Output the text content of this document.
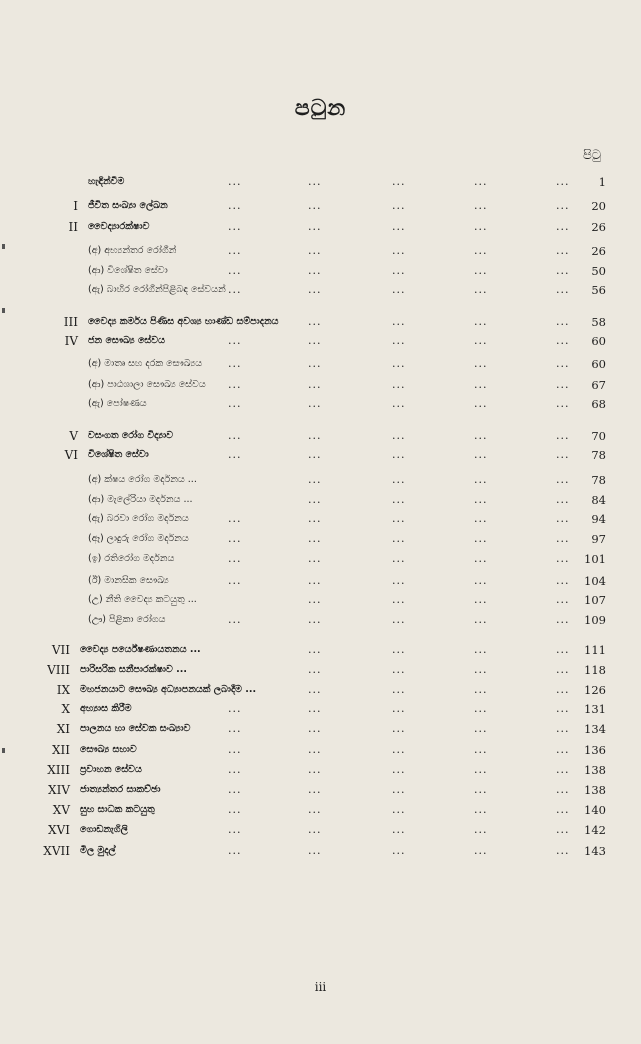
පටුන
පිටු
හැඳින්වීම	...	...	...	...	...	1
I ජීවිත සංඛ්‍යා ලේඛන	...	...	...	...	...	20
II වෛද්‍යාරක්ෂාව	...	...	...	...	...	26
(අ) අභ්‍යන්තර රෝගීන්	...	...	...	...	...	26
(ආ) විශේෂිත සේවා	...	...	...	...	...	50
(ඇ) බාහිර රෝගීන්පිළිබඳ සේවයන් ...	...	...	...	...	56
III වෛද්‍ය කර්මය පිණිස අවශ්‍ය භාණ්ඩ සම්පාදනය	...	...	...	...	58
IV ජන සෞඛ්‍ය සේවය	...	...	...	...	...	60
(අ) මාතෘ සහ දරක සෞඛ්‍යය ...	...	...	...	...	60
(ආ) පාඨශාලා සෞඛ්‍ය සේවය ...	...	...	...	...	67
(ඇ) පෝෂණය	...	...	...	...	...	68
V වසංගත රෝග විද්‍යාව	...	...	...	...	...	70
VI විශේෂිත සේවා	...	...	...	...	...	78
(අ) ක්ෂය රෝග මර්දනය ...	...	...	...	...	78
(ආ) මැලේරියා මර්දනය ...	...	...	...	...	84
(ඇ) බරවා රෝග මර්දනය	...	...	...	...	...	94
(ඈ) ලාදුරු රෝග මර්දනය	...	...	...	...	...	97
(ඉ) රතිරෝග මර්දනය	...	...	...	...	...	101
(ඊ) මානසික සෞඛ්‍ය	...	...	...	...	...	104
(උ) නීති වෛද්‍ය කටයුතු ...	...	...	...	...	107
(ඌ) පිළිකා රෝගය	...	...	...	...	...	109
VII වෛද්‍ය පර්යේෂණායතනය ...	...	...	...	...	111
VIII පාරිසරික සනීපාරක්ෂාව ...	...	...	...	...	118
IX මහජනයාට සෞඛ්‍ය අධ්‍යාපනයක් ලබාදීම ...	...	...	...	...	126
X අභ්‍යාස කිරීම	...	...	...	...	...	131
XI පාලනය හා සේවක සංඛ්‍යාව	...	...	...	...	...	134
XII සෞඛ්‍ය සභාව	...	...	...	...	...	136
XIII ප්‍රවාහන සේවය	...	...	...	...	...	138
XIV ජාත්‍යන්තර සාකච්ඡා	...	...	...	...	...	138
XV සුභ සාධක කටයුතු	...	...	...	...	...	140
XVI ගොඩනැගිලි	...	...	...	...	...	142
XVII මිල මුදල්	...	...	...	...	...	143
iii
